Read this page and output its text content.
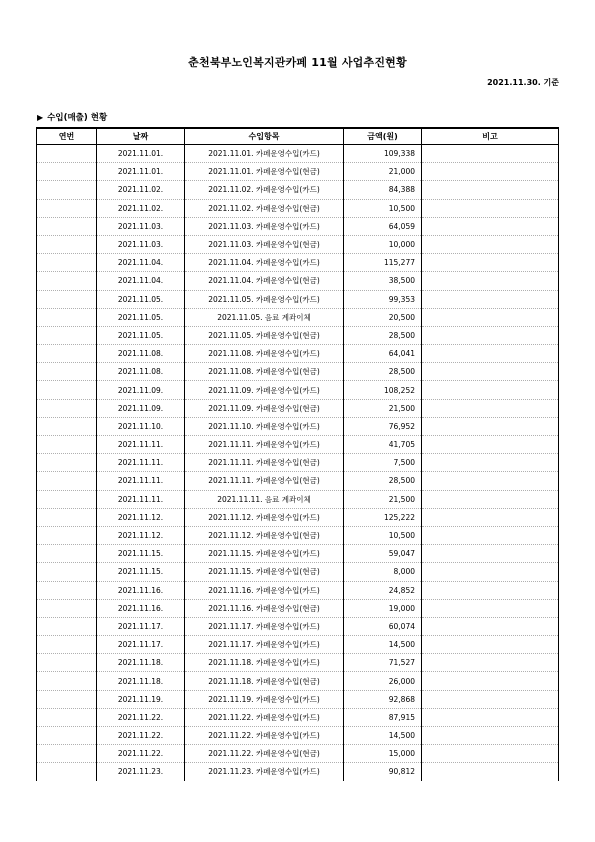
춘천북부노인복지관카페 11월 사업추진현황
2021.11.30. 기준
▶ 수입(매출) 현황
연번	날짜	수입항목	금액(원)	비고
	2021.11.01.	2021.11.01. 카페운영수입(카드)	109,338	
	2021.11.01.	2021.11.01. 카페운영수입(현금)	21,000	
	2021.11.02.	2021.11.02. 카페운영수입(카드)	84,388	
	2021.11.02.	2021.11.02. 카페운영수입(현금)	10,500	
	2021.11.03.	2021.11.03. 카페운영수입(카드)	64,059	
	2021.11.03.	2021.11.03. 카페운영수입(현금)	10,000	
	2021.11.04.	2021.11.04. 카페운영수입(카드)	115,277	
	2021.11.04.	2021.11.04. 카페운영수입(현금)	38,500	
	2021.11.05.	2021.11.05. 카페운영수입(카드)	99,353	
	2021.11.05.	2021.11.05. 음료 계좌이체	20,500	
	2021.11.05.	2021.11.05. 카페운영수입(현금)	28,500	
	2021.11.08.	2021.11.08. 카페운영수입(카드)	64,041	
	2021.11.08.	2021.11.08. 카페운영수입(현금)	28,500	
	2021.11.09.	2021.11.09. 카페운영수입(카드)	108,252	
	2021.11.09.	2021.11.09. 카페운영수입(현금)	21,500	
	2021.11.10.	2021.11.10. 카페운영수입(카드)	76,952	
	2021.11.11.	2021.11.11. 카페운영수입(카드)	41,705	
	2021.11.11.	2021.11.11. 카페운영수입(현금)	7,500	
	2021.11.11.	2021.11.11. 카페운영수입(현금)	28,500	
	2021.11.11.	2021.11.11. 음료 계좌이체	21,500	
	2021.11.12.	2021.11.12. 카페운영수입(카드)	125,222	
	2021.11.12.	2021.11.12. 카페운영수입(현금)	10,500	
	2021.11.15.	2021.11.15. 카페운영수입(카드)	59,047	
	2021.11.15.	2021.11.15. 카페운영수입(현금)	8,000	
	2021.11.16.	2021.11.16. 카페운영수입(카드)	24,852	
	2021.11.16.	2021.11.16. 카페운영수입(현금)	19,000	
	2021.11.17.	2021.11.17. 카페운영수입(카드)	60,074	
	2021.11.17.	2021.11.17. 카페운영수입(카드)	14,500	
	2021.11.18.	2021.11.18. 카페운영수입(카드)	71,527	
	2021.11.18.	2021.11.18. 카페운영수입(현금)	26,000	
	2021.11.19.	2021.11.19. 카페운영수입(카드)	92,868	
	2021.11.22.	2021.11.22. 카페운영수입(카드)	87,915	
	2021.11.22.	2021.11.22. 카페운영수입(카드)	14,500	
	2021.11.22.	2021.11.22. 카페운영수입(현금)	15,000	
	2021.11.23.	2021.11.23. 카페운영수입(카드)	90,812	
